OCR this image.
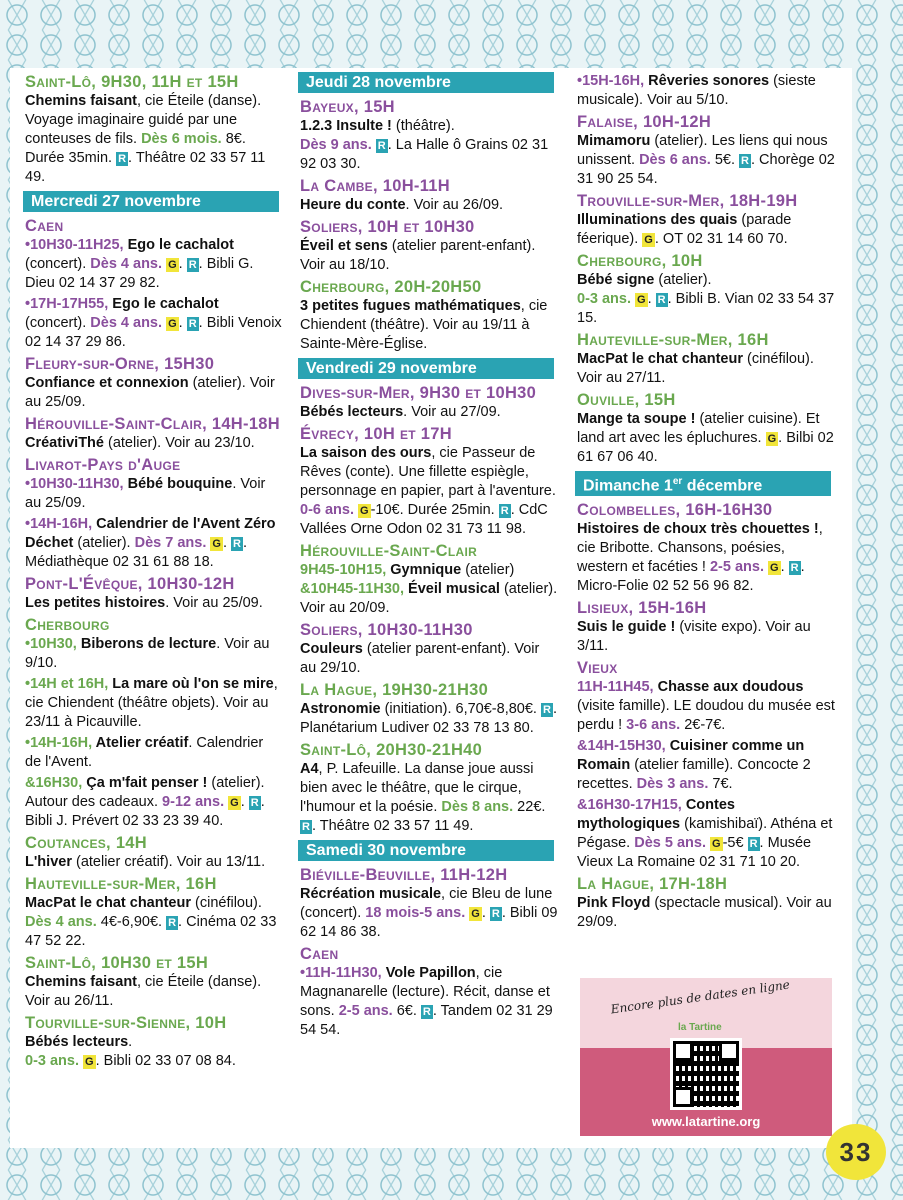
Saint-Lô, 9H30, 11H et 15H
Chemins faisant, cie Éteile (danse). Voyage imaginaire guidé par une conteuses de fils. Dès 6 mois. 8€. Durée 35min. R . Théâtre 02 33 57 11 49.
Mercredi 27 novembre
Caen
•10H30-11H25, Ego le cachalot (concert). Dès 4 ans. G . R . Bibli G. Dieu 02 14 37 29 82.
•17H-17H55, Ego le cachalot (concert). Dès 4 ans. G . R . Bibli Venoix 02 14 37 29 86.
Fleury-sur-Orne, 15H30
Confiance et connexion (atelier). Voir au 25/09.
Hérouville-Saint-Clair, 14H-18H
CréativiThé (atelier). Voir au 23/10.
Livarot-Pays d'Auge
•10H30-11H30, Bébé bouquine. Voir au 25/09.
•14H-16H, Calendrier de l'Avent Zéro Déchet (atelier). Dès 7 ans. G . R . Médiathèque 02 31 61 88 18.
Pont-L'Évêque, 10H30-12H
Les petites histoires. Voir au 25/09.
Cherbourg
•10H30, Biberons de lecture. Voir au 9/10.
•14H et 16H, La mare où l'on se mire, cie Chiendent (théâtre objets). Voir au 23/11 à Picauville.
•14H-16H, Atelier créatif. Calendrier de l'Avent.
&16H30, Ça m'fait penser ! (atelier). Autour des cadeaux. 9-12 ans. G . R . Bibli J. Prévert 02 33 23 39 40.
Coutances, 14H
L'hiver (atelier créatif). Voir au 13/11.
Hauteville-sur-Mer, 16H
MacPat le chat chanteur (cinéfilou). Dès 4 ans. 4€-6,90€. R . Cinéma 02 33 47 52 22.
Saint-Lô, 10H30 et 15H
Chemins faisant, cie Éteile (danse). Voir au 26/11.
Tourville-sur-Sienne, 10H
Bébés lecteurs.
0-3 ans. G . Bibli 02 33 07 08 84.
Jeudi 28 novembre
Bayeux, 15H
1.2.3 Insulte ! (théâtre).
Dès 9 ans. R . La Halle ô Grains 02 31 92 03 30.
La Cambe, 10H-11H
Heure du conte. Voir au 26/09.
Soliers, 10H et 10H30
Éveil et sens (atelier parent-enfant). Voir au 18/10.
Cherbourg, 20H-20H50
3 petites fugues mathématiques, cie Chiendent (théâtre). Voir au 19/11 à Sainte-Mère-Église.
Vendredi 29 novembre
Dives-sur-Mer, 9H30 et 10H30
Bébés lecteurs. Voir au 27/09.
Évrecy, 10H et 17H
La saison des ours, cie Passeur de Rêves (conte). Une fillette espiègle, personnage en papier, part à l'aventure. 0-6 ans. G -10€. Durée 25min. R . CdC Vallées Orne Odon 02 31 73 11 98.
Hérouville-Saint-Clair
9H45-10H15, Gymnique (atelier) &10H45-11H30, Éveil musical (atelier). Voir au 20/09.
Soliers, 10H30-11H30
Couleurs (atelier parent-enfant). Voir au 29/10.
La Hague, 19H30-21H30
Astronomie (initiation). 6,70€-8,80€. R . Planétarium Ludiver 02 33 78 13 80.
Saint-Lô, 20H30-21H40
A4, P. Lafeuille. La danse joue aussi bien avec le théâtre, que le cirque, l'humour et la poésie. Dès 8 ans. 22€. R . Théâtre 02 33 57 11 49.
Samedi 30 novembre
Biéville-Beuville, 11H-12H
Récréation musicale, cie Bleu de lune (concert). 18 mois-5 ans. G . R . Bibli 09 62 14 86 38.
Caen
•11H-11H30, Vole Papillon, cie Magnanarelle (lecture). Récit, danse et sons. 2-5 ans. 6€. R . Tandem 02 31 29 54 54.
•15H-16H, Rêveries sonores (sieste musicale). Voir au 5/10.
Falaise, 10H-12H
Mimamoru (atelier). Les liens qui nous unissent. Dès 6 ans. 5€. R . Chorège 02 31 90 25 54.
Trouville-sur-Mer, 18H-19H
Illuminations des quais (parade féerique). G . OT 02 31 14 60 70.
Cherbourg, 10H
Bébé signe (atelier).
0-3 ans. G . R . Bibli B. Vian 02 33 54 37 15.
Hauteville-sur-Mer, 16H
MacPat le chat chanteur (cinéfilou). Voir au 27/11.
Ouville, 15H
Mange ta soupe ! (atelier cuisine). Et land art avec les épluchures. G . Bilbi 02 61 67 06 40.
Dimanche 1er décembre
Colombelles, 16H-16H30
Histoires de choux très chouettes !, cie Bribotte. Chansons, poésies, western et facéties ! 2-5 ans. G . R . Micro-Folie 02 52 56 96 82.
Lisieux, 15H-16H
Suis le guide ! (visite expo). Voir au 3/11.
Vieux
11H-11H45, Chasse aux doudous (visite famille). LE doudou du musée est perdu ! 3-6 ans. 2€-7€.
&14H-15H30, Cuisiner comme un Romain (atelier famille). Concocte 2 recettes. Dès 3 ans. 7€.
&16H30-17H15, Contes mythologiques (kamishibaï). Athéna et Pégase. Dès 5 ans. G -5€ R . Musée Vieux La Romaine 02 31 71 10 20.
La Hague, 17H-18H
Pink Floyd (spectacle musical). Voir au 29/09.
Encore plus de dates en ligne
la Tartine
www.latartine.org
33
